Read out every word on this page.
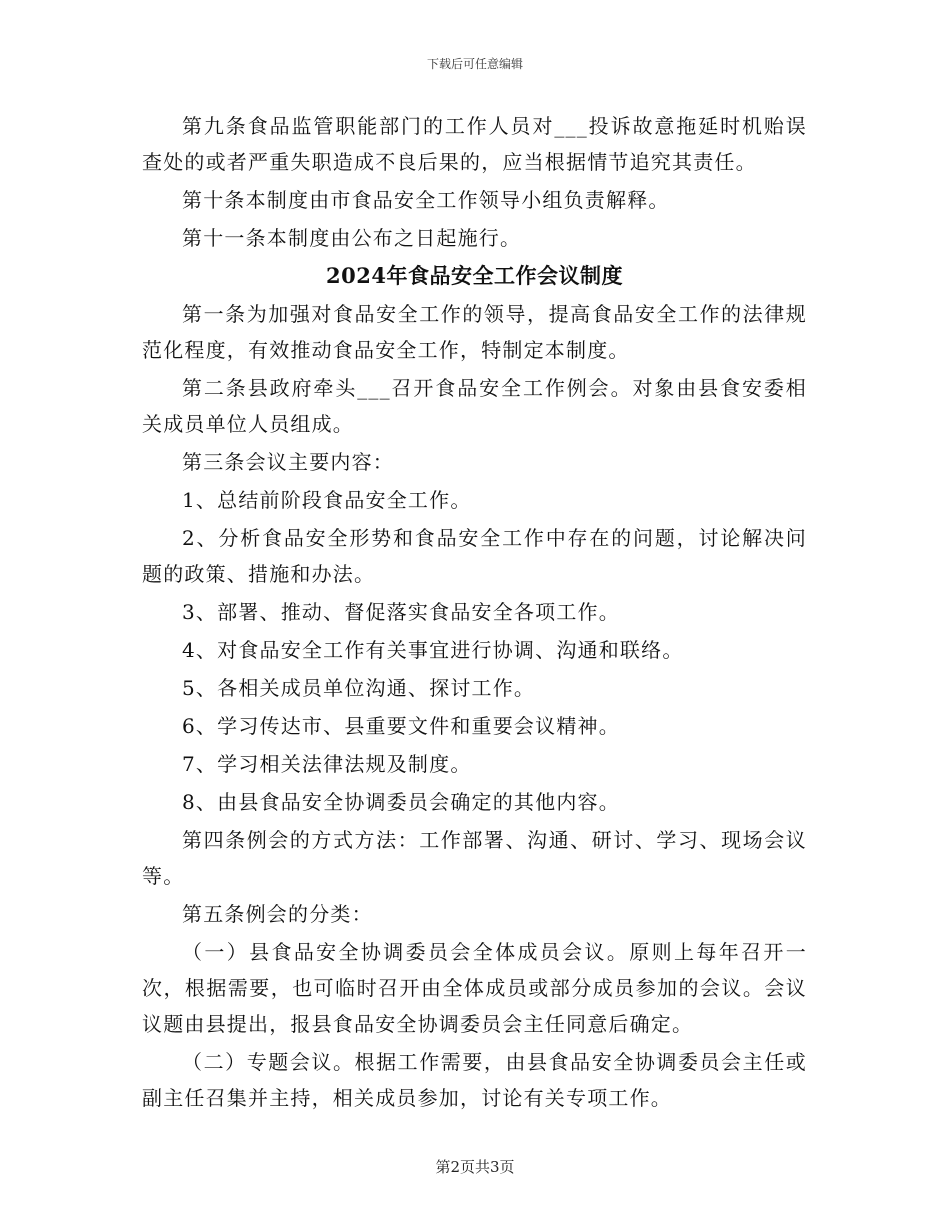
下载后可任意编辑

第九条食品监管职能部门的工作人员对___投诉故意拖延时机贻误查处的或者严重失职造成不良后果的，应当根据情节追究其责任。

第十条本制度由市食品安全工作领导小组负责解释。

第十一条本制度由公布之日起施行。

2024年食品安全工作会议制度

第一条为加强对食品安全工作的领导，提高食品安全工作的法律规范化程度，有效推动食品安全工作，特制定本制度。

第二条县政府牵头___召开食品安全工作例会。对象由县食安委相关成员单位人员组成。

第三条会议主要内容：

1、总结前阶段食品安全工作。

2、分析食品安全形势和食品安全工作中存在的问题，讨论解决问题的政策、措施和办法。

3、部署、推动、督促落实食品安全各项工作。

4、对食品安全工作有关事宜进行协调、沟通和联络。

5、各相关成员单位沟通、探讨工作。

6、学习传达市、县重要文件和重要会议精神。

7、学习相关法律法规及制度。

8、由县食品安全协调委员会确定的其他内容。

第四条例会的方式方法：工作部署、沟通、研讨、学习、现场会议等。

第五条例会的分类：

（一）县食品安全协调委员会全体成员会议。原则上每年召开一次，根据需要，也可临时召开由全体成员或部分成员参加的会议。会议议题由县提出，报县食品安全协调委员会主任同意后确定。

（二）专题会议。根据工作需要，由县食品安全协调委员会主任或副主任召集并主持，相关成员参加，讨论有关专项工作。

第2页共3页
